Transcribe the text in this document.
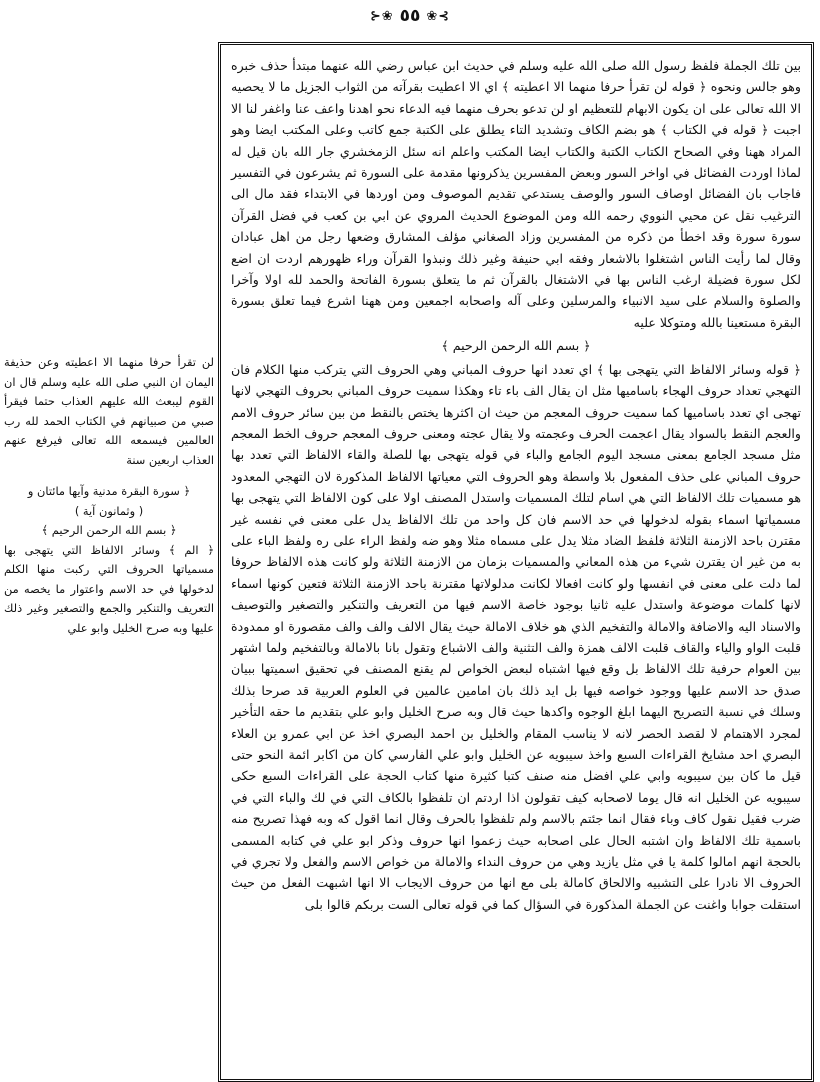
⊱❀
٥٥
❀⊰

بين تلك الجملة فلفظ رسول الله صلى الله عليه وسلم في حديث ابن عباس رضي الله عنهما مبتدأ حذف خبره وهو جالس ونحوه ﴿ قوله لن تقرأ حرفا منهما الا اعطيته ﴾ اي الا اعطيت بقرآته من الثواب الجزيل ما لا يحصيه الا الله تعالى على ان يكون الابهام للتعظيم او لن تدعو بحرف منهما فيه الدعاء نحو اهدنا واعف عنا واغفر لنا الا اجبت ﴿ قوله في الكتاب ﴾ هو بضم الكاف وتشديد التاء يطلق على الكتبة جمع كاتب وعلى المكتب ايضا وهو المراد ههنا وفي الصحاح الكتاب الكتبة والكتاب ايضا المكتب واعلم انه سئل الزمخشري جار الله بان قيل له لماذا اوردت الفضائل في اواخر السور وبعض المفسرين يذكرونها مقدمة على السورة ثم يشرعون في التفسير فاجاب بان الفضائل اوصاف السور والوصف يستدعي تقديم الموصوف ومن اوردها في الابتداء فقد مال الى الترغيب نقل عن محيي النووي رحمه الله ومن الموضوع الحديث المروي عن ابي بن كعب في فضل القرآن سورة سورة وقد اخطأ من ذكره من المفسرين وزاد الصغاني مؤلف المشارق وضعها رجل من اهل عبادان وقال لما رأيت الناس اشتغلوا بالاشعار وفقه ابي حنيفة وغير ذلك ونبذوا القرآن وراء ظهورهم اردت ان اضع لكل سورة فضيلة ارغب الناس بها في الاشتغال بالقرآن ثم ما يتعلق بسورة الفاتحة والحمد لله اولا وآخرا والصلوة والسلام على سيد الانبياء والمرسلين وعلى آله واصحابه اجمعين ومن ههنا اشرع فيما تعلق بسورة البقرة مستعينا بالله ومتوكلا عليه

﴿ بسم الله الرحمن الرحيم ﴾

﴿ قوله وسائر الالفاظ التي يتهجى بها ﴾ اي تعدد انها حروف المباني وهي الحروف التي يتركب منها الكلام فان التهجي تعداد حروف الهجاء باساميها مثل ان يقال الف باء تاء وهكذا سميت حروف المباني بحروف التهجي لانها تهجى اي تعدد باساميها كما سميت حروف المعجم من حيث ان اكثرها يختص بالنقط من بين سائر حروف الامم والعجم النقط بالسواد يقال اعجمت الحرف وعجمته ولا يقال عجته ومعنى حروف المعجم حروف الخط المعجم مثل مسجد الجامع بمعنى مسجد اليوم الجامع والباء في قوله يتهجى بها للصلة والقاء الالفاظ التي تعدد بها حروف المباني على حذف المفعول بلا واسطة وهو الحروف التي معياتها الالفاظ المذكورة لان التهجي المعدود هو مسميات تلك الالفاظ التي هي اسام لتلك المسميات واستدل المصنف اولا على كون الالفاظ التي يتهجى بها مسمياتها اسماء بقوله لدخولها في حد الاسم فان كل واحد من تلك الالفاظ يدل على معنى في نفسه غير مقترن باحد الازمنة الثلاثة فلفظ الضاد مثلا يدل على مسماه مثلا وهو ضه ولفظ الراء على ره ولفظ الباء على به من غير ان يقترن شيء من هذه المعاني والمسميات بزمان من الازمنة الثلاثة ولو كانت هذه الالفاظ حروفا لما دلت على معنى في انفسها ولو كانت افعالا لكانت مدلولاتها مقترنة باحد الازمنة الثلاثة فتعين كونها اسماء لانها كلمات موضوعة واستدل عليه ثانيا بوجود خاصة الاسم فيها من التعريف والتنكير والتصغير والتوصيف والاسناد اليه والاضافة والامالة والتفخيم الذي هو خلاف الامالة حيث يقال الالف والف والف مقصورة او ممدودة قلبت الواو والياء والقاف قلبت الالف همزة والف التثنية والف الاشباع وتقول بانا بالامالة وبالتفخيم ولما اشتهر بين العوام حرفية تلك الالفاظ بل وقع فيها اشتباه لبعض الخواص لم يقنع المصنف في تحقيق اسميتها ببيان صدق حد الاسم عليها ووجود خواصه فيها بل ايد ذلك بان امامين عالمين في العلوم العربية قد صرحا بذلك وسلك في نسبة التصريح اليهما ابلغ الوجوه واكدها حيث قال وبه صرح الخليل وابو علي بتقديم ما حقه التأخير لمجرد الاهتمام لا لقصد الحصر لانه لا يناسب المقام والخليل بن احمد البصري اخذ عن ابي عمرو بن العلاء البصري احد مشايخ القراءات السبع واخذ سيبويه عن الخليل وابو علي الفارسي كان من اكابر ائمة النحو حتى قيل ما كان بين سيبويه وابي علي افضل منه صنف كتبا كثيرة منها كتاب الحجة على القراءات السبع حكى سيبويه عن الخليل انه قال يوما لاصحابه كيف تقولون اذا اردتم ان تلفظوا بالكاف التي في لك والباء التي في ضرب فقيل نقول كاف وباء فقال انما جئتم بالاسم ولم تلفظوا بالحرف وقال انما اقول كه وبه فهذا تصريح منه باسمية تلك الالفاظ وان اشتبه الحال على اصحابه حيث زعموا انها حروف وذكر ابو علي في كتابه المسمى بالحجة انهم امالوا كلمة يا في مثل يازيد وهي من حروف النداء والامالة من خواص الاسم والفعل ولا تجري في الحروف الا نادرا على التشبيه والالحاق كامالة بلى مع انها من حروف الايجاب الا انها اشبهت الفعل من حيث استقلت جوابا واغنت عن الجملة المذكورة في السؤال كما في قوله تعالى الست بربكم قالوا بلى

لن تقرأ حرفا منهما الا اعطيته وعن حذيفة اليمان ان النبي صلى الله عليه وسلم قال ان القوم ليبعث الله عليهم العذاب حتما فيقرأ صبي من صبيانهم في الكتاب الحمد لله رب العالمين فيسمعه الله تعالى فيرفع عنهم العذاب اربعين سنة

﴿ سورة البقرة مدنية وآيها مائتان و

( وثمانون آية )

﴿ بسم الله الرحمن الرحيم ﴾

﴿ الم ﴾ وسائر الالفاظ التي يتهجى بها مسمياتها الحروف التي ركبت منها الكلم لدخولها في حد الاسم واعتوار ما يخصه من التعريف والتنكير والجمع والتصغير وغير ذلك عليها وبه صرح الخليل وابو علي
